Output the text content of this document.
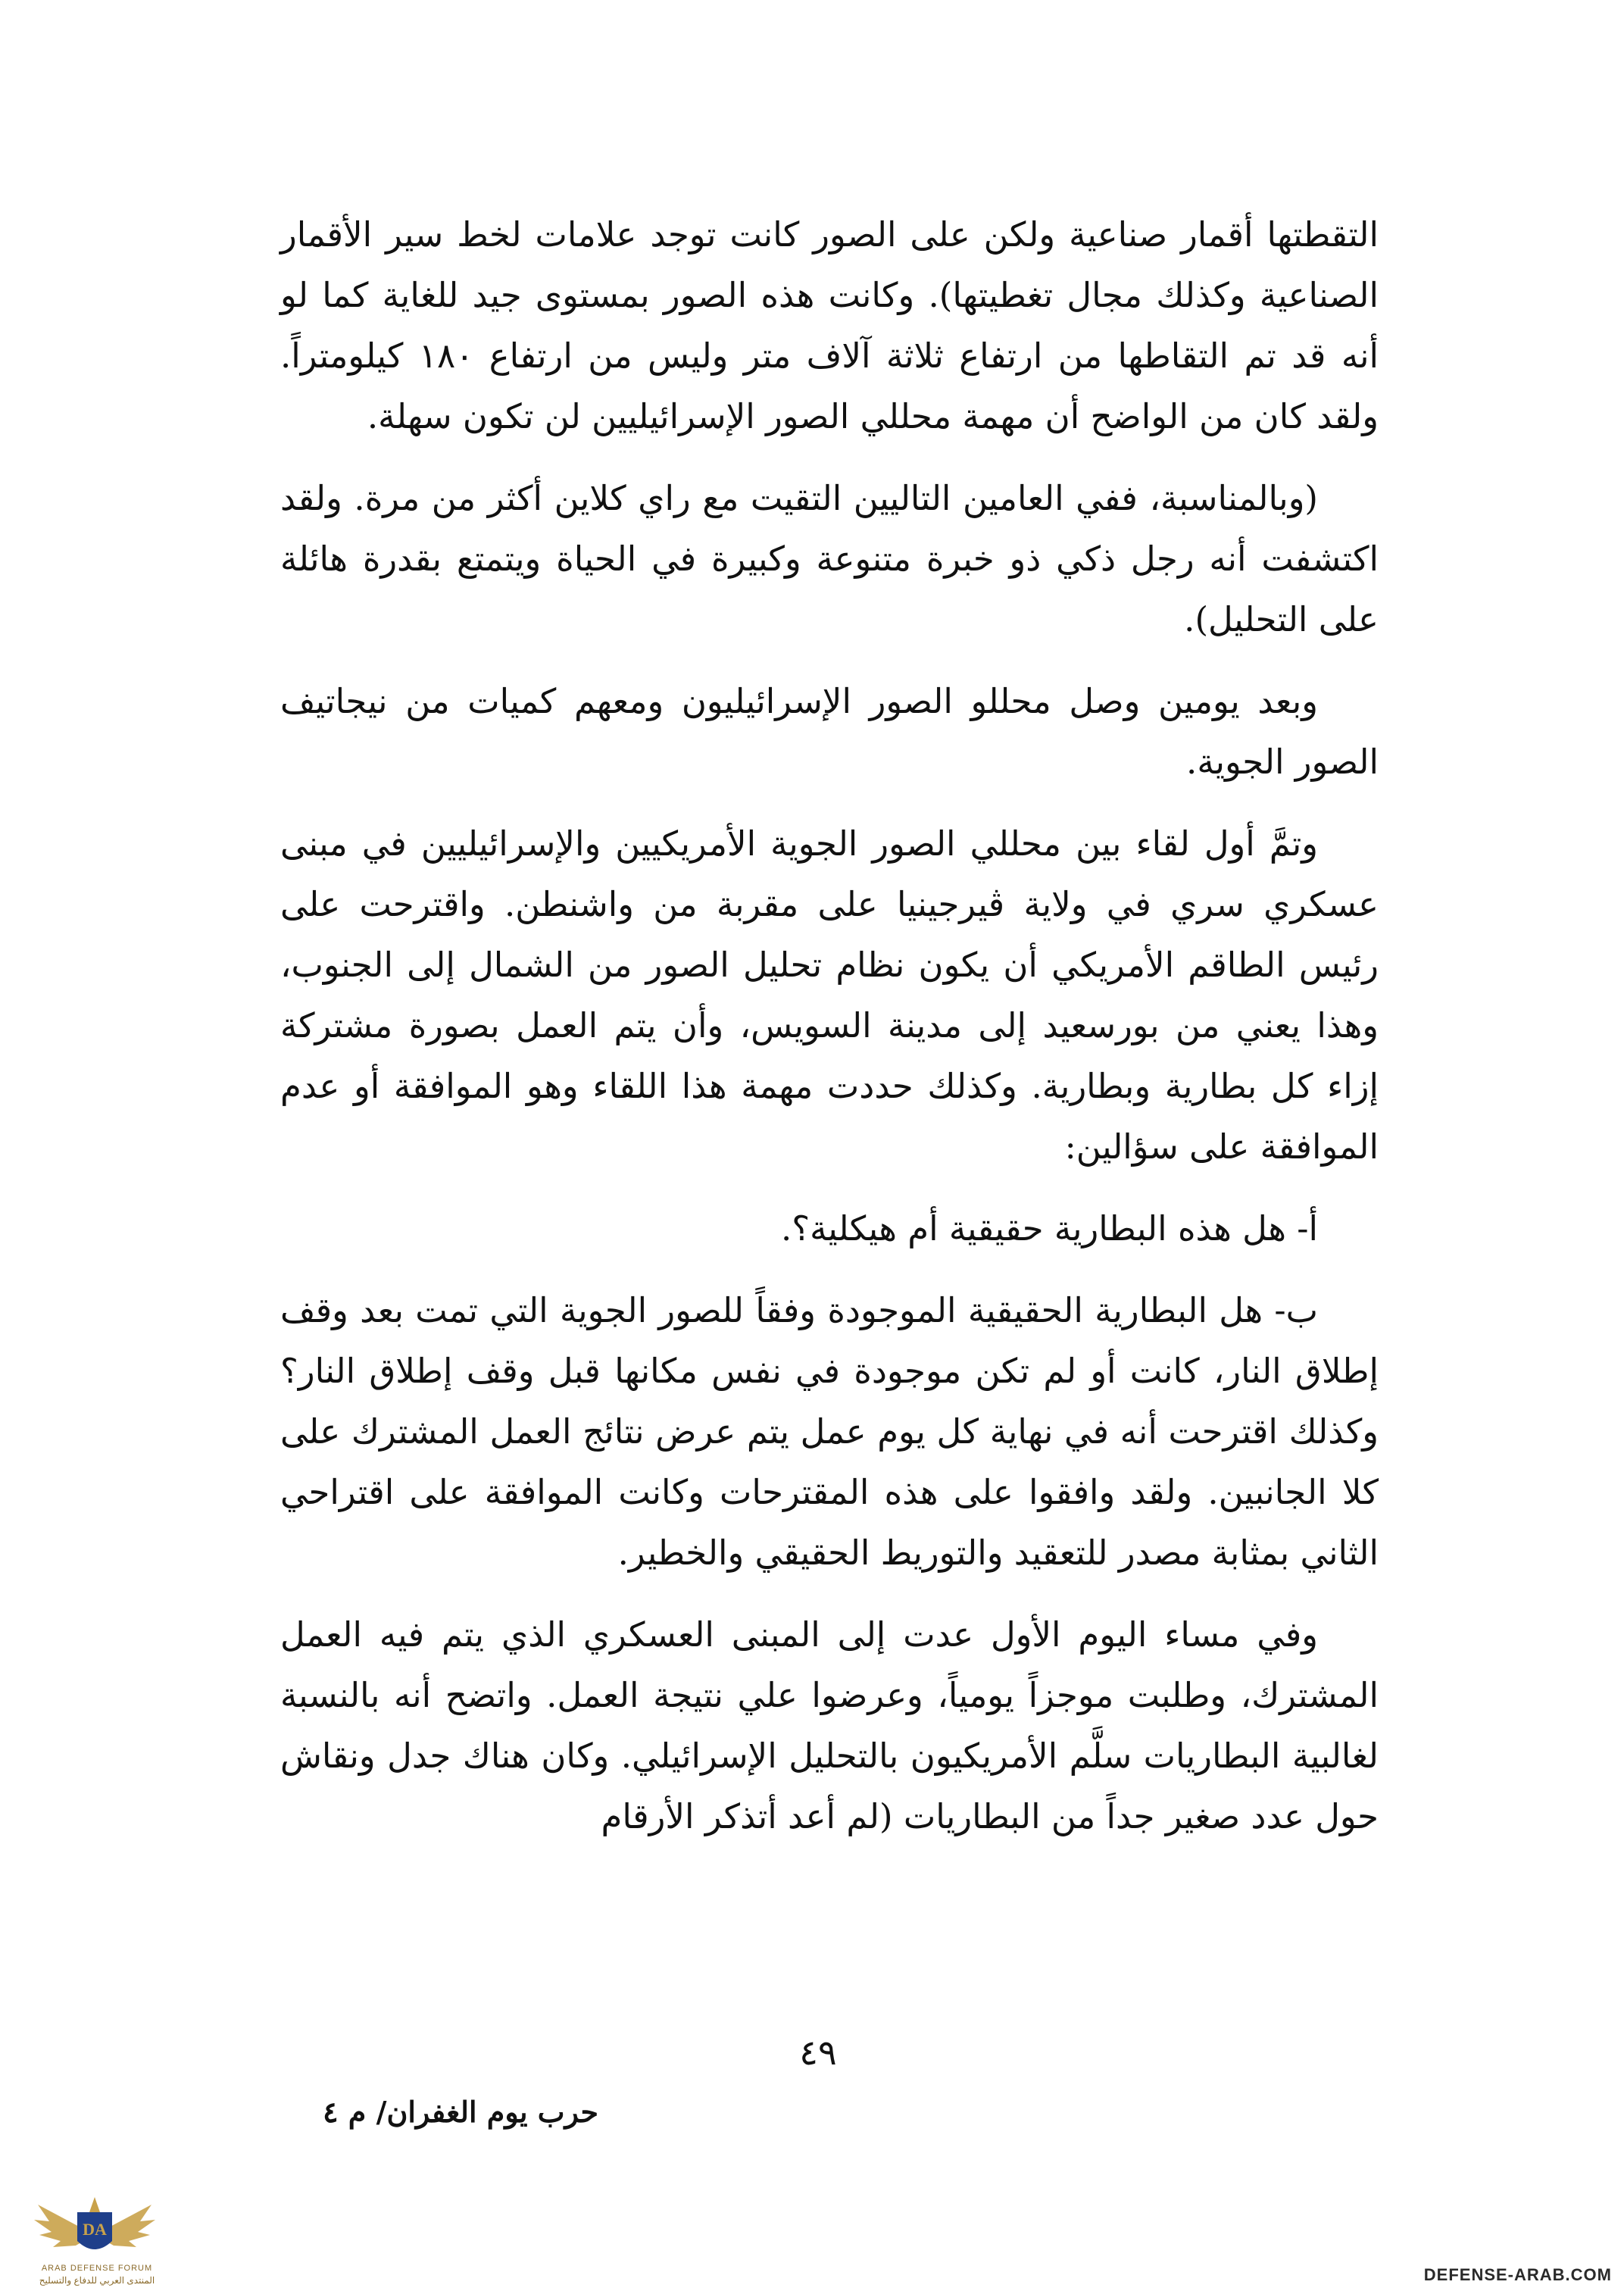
التقطتها أقمار صناعية ولكن على الصور كانت توجد علامات لخط سير الأقمار الصناعية وكذلك مجال تغطيتها). وكانت هذه الصور بمستوى جيد للغاية كما لو أنه قد تم التقاطها من ارتفاع ثلاثة آلاف متر وليس من ارتفاع ١٨٠ كيلومتراً. ولقد كان من الواضح أن مهمة محللي الصور الإسرائيليين لن تكون سهلة.

(وبالمناسبة، ففي العامين التاليين التقيت مع راي كلاين أكثر من مرة. ولقد اكتشفت أنه رجل ذكي ذو خبرة متنوعة وكبيرة في الحياة ويتمتع بقدرة هائلة على التحليل).

وبعد يومين وصل محللو الصور الإسرائيليون ومعهم كميات من نيجاتيف الصور الجوية.

وتمَّ أول لقاء بين محللي الصور الجوية الأمريكيين والإسرائيليين في مبنى عسكري سري في ولاية ڤيرجينيا على مقربة من واشنطن. واقترحت على رئيس الطاقم الأمريكي أن يكون نظام تحليل الصور من الشمال إلى الجنوب، وهذا يعني من بورسعيد إلى مدينة السويس، وأن يتم العمل بصورة مشتركة إزاء كل بطارية وبطارية. وكذلك حددت مهمة هذا اللقاء وهو الموافقة أو عدم الموافقة على سؤالين:

أ- هل هذه البطارية حقيقية أم هيكلية؟.

ب- هل البطارية الحقيقية الموجودة وفقاً للصور الجوية التي تمت بعد وقف إطلاق النار، كانت أو لم تكن موجودة في نفس مكانها قبل وقف إطلاق النار؟ وكذلك اقترحت أنه في نهاية كل يوم عمل يتم عرض نتائج العمل المشترك على كلا الجانبين. ولقد وافقوا على هذه المقترحات وكانت الموافقة على اقتراحي الثاني بمثابة مصدر للتعقيد والتوريط الحقيقي والخطير.

وفي مساء اليوم الأول عدت إلى المبنى العسكري الذي يتم فيه العمل المشترك، وطلبت موجزاً يومياً، وعرضوا علي نتيجة العمل. واتضح أنه بالنسبة لغالبية البطاريات سلَّم الأمريكيون بالتحليل الإسرائيلي. وكان هناك جدل ونقاش حول عدد صغير جداً من البطاريات (لم أعد أتذكر الأرقام

٤٩
حرب يوم الغفران/ م ٤
DA
ARAB DEFENSE FORUM
المنتدى العربي للدفاع والتسليح	DEFENSE-ARAB.COM
